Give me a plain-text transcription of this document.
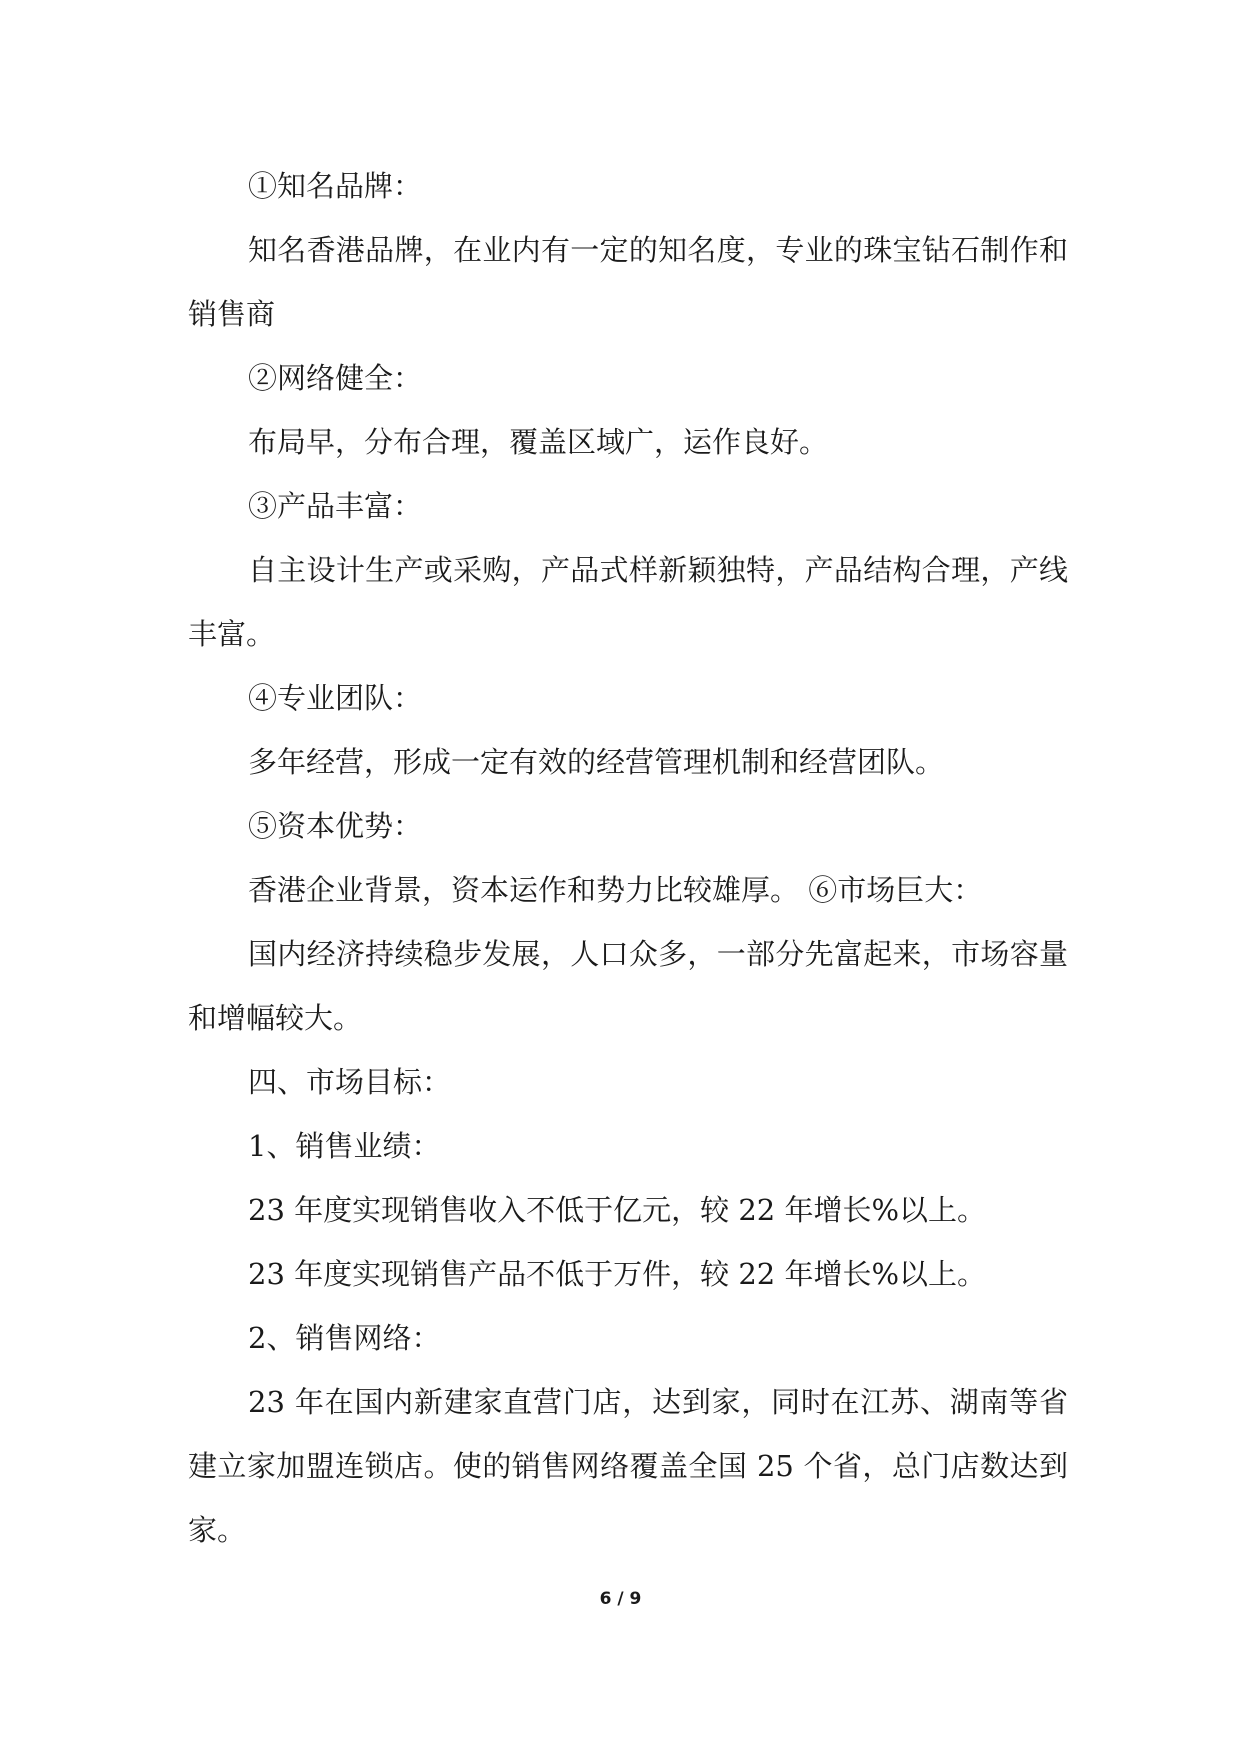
①知名品牌：

知名香港品牌，在业内有一定的知名度，专业的珠宝钻石制作和销售商

②网络健全：

布局早，分布合理，覆盖区域广，运作良好。

③产品丰富：

自主设计生产或采购，产品式样新颖独特，产品结构合理，产线丰富。

④专业团队：

多年经营，形成一定有效的经营管理机制和经营团队。

⑤资本优势：

香港企业背景，资本运作和势力比较雄厚。 ⑥市场巨大：

国内经济持续稳步发展，人口众多，一部分先富起来，市场容量和增幅较大。

四、市场目标：

1、销售业绩：

23 年度实现销售收入不低于亿元，较 22 年增长%以上。

23 年度实现销售产品不低于万件，较 22 年增长%以上。

2、销售网络：

23 年在国内新建家直营门店，达到家，同时在江苏、湖南等省建立家加盟连锁店。使的销售网络覆盖全国 25 个省，总门店数达到家。

6 / 9
